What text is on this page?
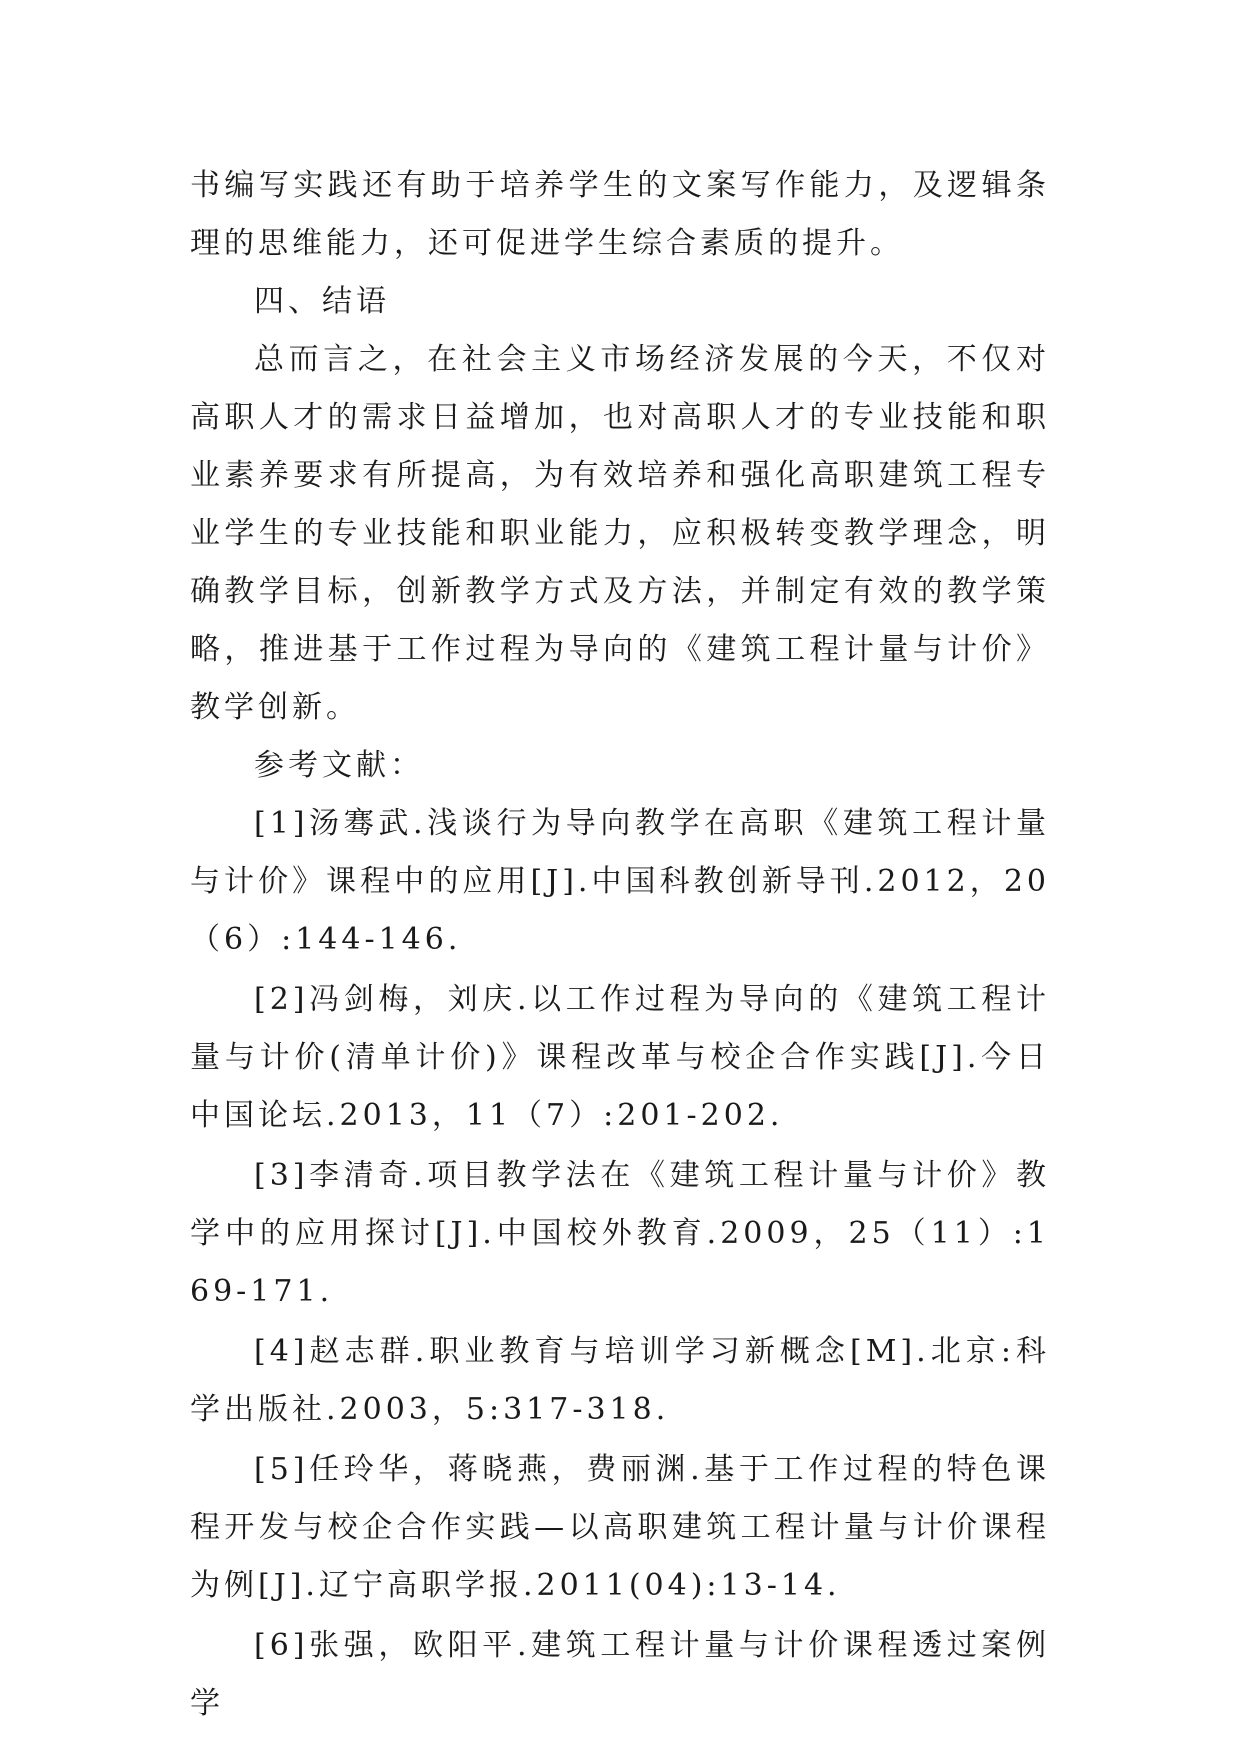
书编写实践还有助于培养学生的文案写作能力，及逻辑条理的思维能力，还可促进学生综合素质的提升。

四、结语

总而言之，在社会主义市场经济发展的今天，不仅对高职人才的需求日益增加，也对高职人才的专业技能和职业素养要求有所提高，为有效培养和强化高职建筑工程专业学生的专业技能和职业能力，应积极转变教学理念，明确教学目标，创新教学方式及方法，并制定有效的教学策略，推进基于工作过程为导向的《建筑工程计量与计价》教学创新。

参考文献：

[1]汤骞武.浅谈行为导向教学在高职《建筑工程计量与计价》课程中的应用[J].中国科教创新导刊.2012，20（6）:144-146.

[2]冯剑梅，刘庆.以工作过程为导向的《建筑工程计量与计价(清单计价)》课程改革与校企合作实践[J].今日中国论坛.2013，11（7）:201-202.

[3]李清奇.项目教学法在《建筑工程计量与计价》教学中的应用探讨[J].中国校外教育.2009，25（11）:169-171.

[4]赵志群.职业教育与培训学习新概念[M].北京:科学出版社.2003，5:317-318.

[5]任玲华，蒋晓燕，费丽渊.基于工作过程的特色课程开发与校企合作实践—以高职建筑工程计量与计价课程为例[J].辽宁高职学报.2011(04):13-14.

[6]张强，欧阳平.建筑工程计量与计价课程透过案例学
